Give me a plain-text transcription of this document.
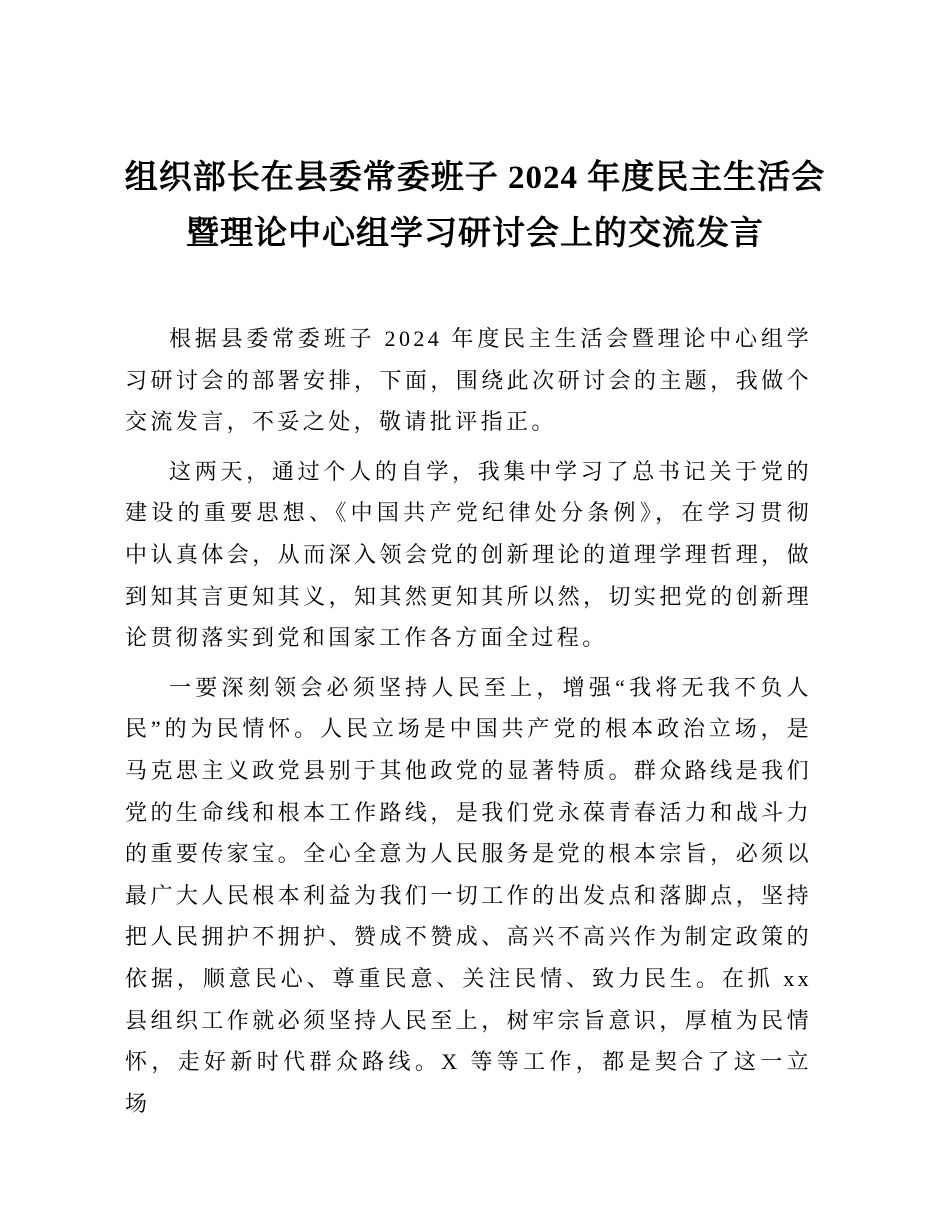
组织部长在县委常委班子 2024 年度民主生活会
暨理论中心组学习研讨会上的交流发言

根据县委常委班子 2024 年度民主生活会暨理论中心组学习研讨会的部署安排，下面，围绕此次研讨会的主题，我做个交流发言，不妥之处，敬请批评指正。

这两天，通过个人的自学，我集中学习了总书记关于党的建设的重要思想、《中国共产党纪律处分条例》，在学习贯彻中认真体会，从而深入领会党的创新理论的道理学理哲理，做到知其言更知其义，知其然更知其所以然，切实把党的创新理论贯彻落实到党和国家工作各方面全过程。

一要深刻领会必须坚持人民至上，增强“我将无我不负人民”的为民情怀。人民立场是中国共产党的根本政治立场，是马克思主义政党县别于其他政党的显著特质。群众路线是我们党的生命线和根本工作路线，是我们党永葆青春活力和战斗力的重要传家宝。全心全意为人民服务是党的根本宗旨，必须以最广大人民根本利益为我们一切工作的出发点和落脚点，坚持把人民拥护不拥护、赞成不赞成、高兴不高兴作为制定政策的依据，顺意民心、尊重民意、关注民情、致力民生。在抓 xx 县组织工作就必须坚持人民至上，树牢宗旨意识，厚植为民情怀，走好新时代群众路线。X 等等工作，都是契合了这一立场
